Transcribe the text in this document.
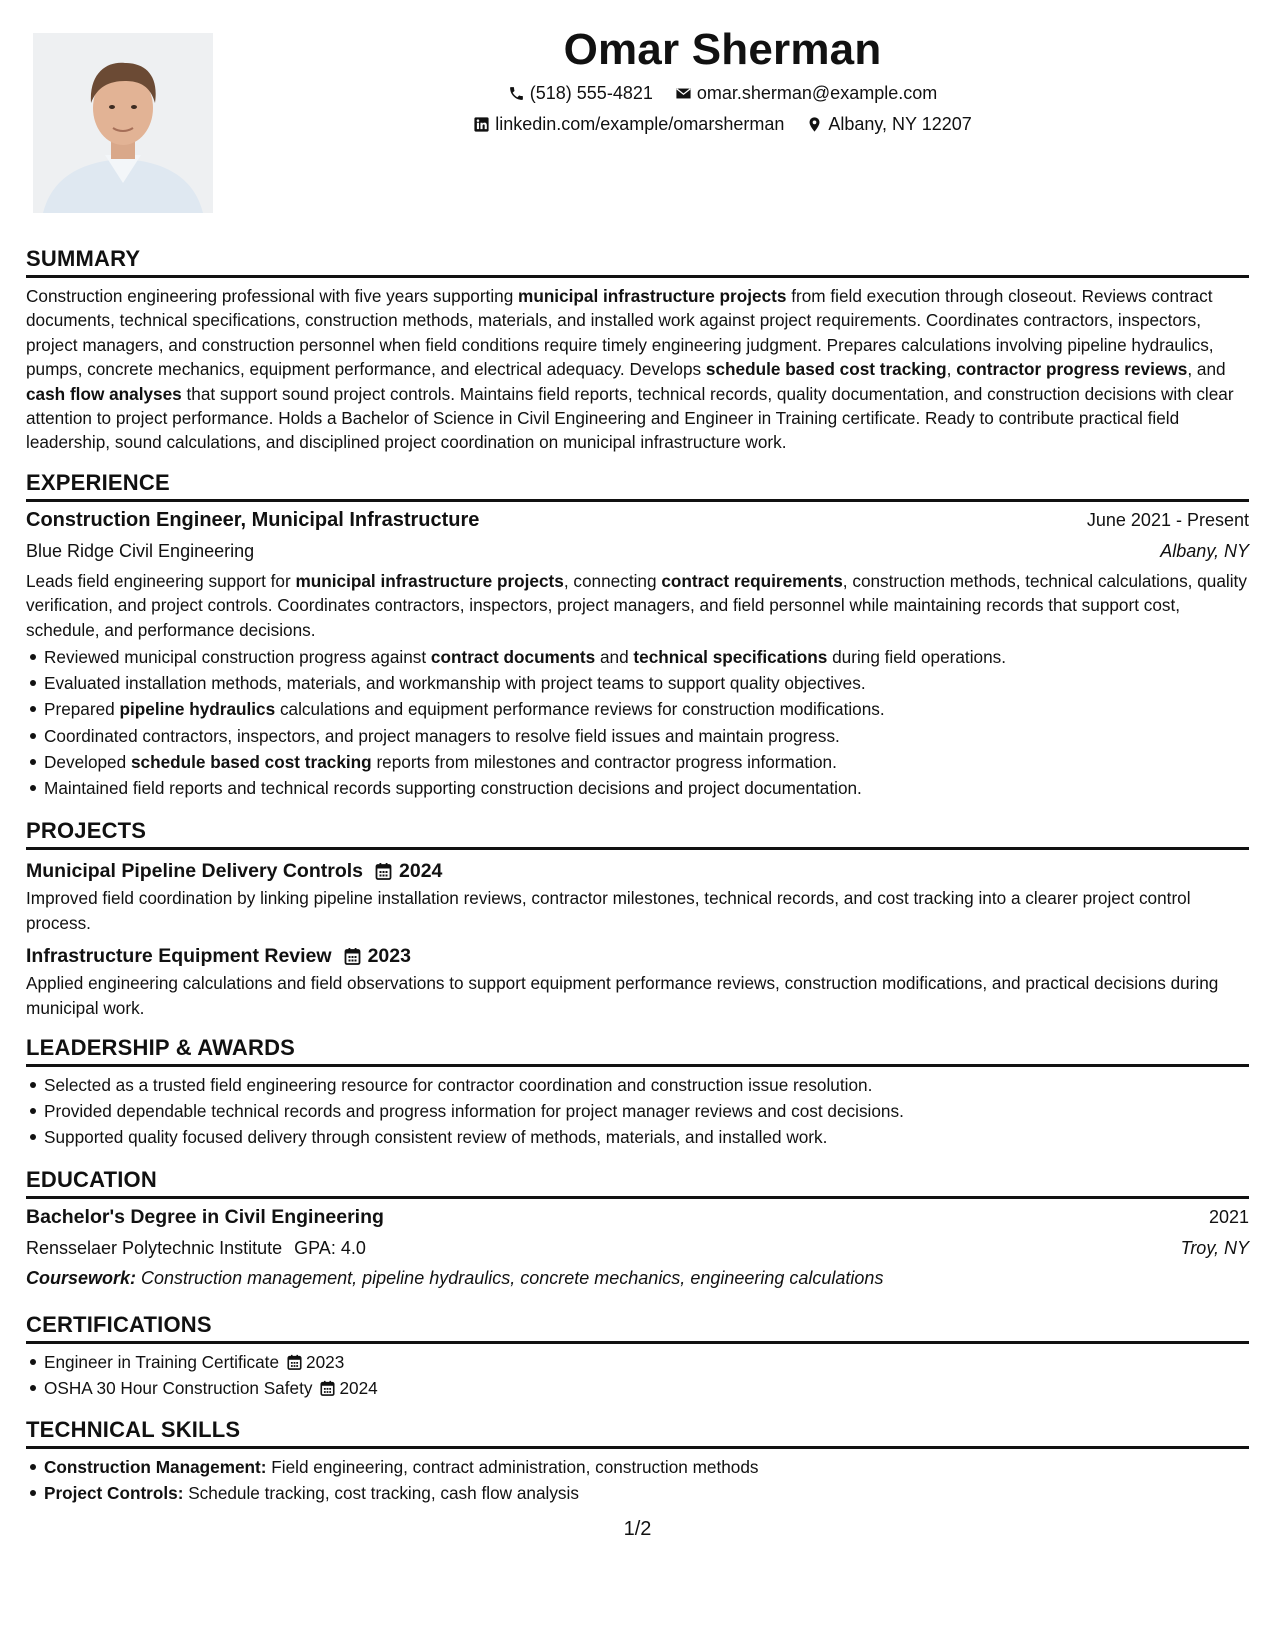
Omar Sherman
(518) 555-4821 omar.sherman@example.com
linkedin.com/example/omarsherman Albany, NY 12207
SUMMARY
Construction engineering professional with five years supporting municipal infrastructure projects from field execution through closeout. Reviews contract documents, technical specifications, construction methods, materials, and installed work against project requirements. Coordinates contractors, inspectors, project managers, and construction personnel when field conditions require timely engineering judgment. Prepares calculations involving pipeline hydraulics, pumps, concrete mechanics, equipment performance, and electrical adequacy. Develops schedule based cost tracking, contractor progress reviews, and cash flow analyses that support sound project controls. Maintains field reports, technical records, quality documentation, and construction decisions with clear attention to project performance. Holds a Bachelor of Science in Civil Engineering and Engineer in Training certificate. Ready to contribute practical field leadership, sound calculations, and disciplined project coordination on municipal infrastructure work.
EXPERIENCE
Construction Engineer, Municipal Infrastructure	June 2021 - Present
Blue Ridge Civil Engineering	Albany, NY
Leads field engineering support for municipal infrastructure projects, connecting contract requirements, construction methods, technical calculations, quality verification, and project controls. Coordinates contractors, inspectors, project managers, and field personnel while maintaining records that support cost, schedule, and performance decisions.
Reviewed municipal construction progress against contract documents and technical specifications during field operations.
Evaluated installation methods, materials, and workmanship with project teams to support quality objectives.
Prepared pipeline hydraulics calculations and equipment performance reviews for construction modifications.
Coordinated contractors, inspectors, and project managers to resolve field issues and maintain progress.
Developed schedule based cost tracking reports from milestones and contractor progress information.
Maintained field reports and technical records supporting construction decisions and project documentation.
PROJECTS
Municipal Pipeline Delivery Controls 2024
Improved field coordination by linking pipeline installation reviews, contractor milestones, technical records, and cost tracking into a clearer project control process.
Infrastructure Equipment Review 2023
Applied engineering calculations and field observations to support equipment performance reviews, construction modifications, and practical decisions during municipal work.
LEADERSHIP & AWARDS
Selected as a trusted field engineering resource for contractor coordination and construction issue resolution.
Provided dependable technical records and progress information for project manager reviews and cost decisions.
Supported quality focused delivery through consistent review of methods, materials, and installed work.
EDUCATION
Bachelor's Degree in Civil Engineering	2021
Rensselaer Polytechnic Institute GPA: 4.0	Troy, NY
Coursework: Construction management, pipeline hydraulics, concrete mechanics, engineering calculations
CERTIFICATIONS
Engineer in Training Certificate 2023
OSHA 30 Hour Construction Safety 2024
TECHNICAL SKILLS
Construction Management: Field engineering, contract administration, construction methods
Project Controls: Schedule tracking, cost tracking, cash flow analysis
1/2
